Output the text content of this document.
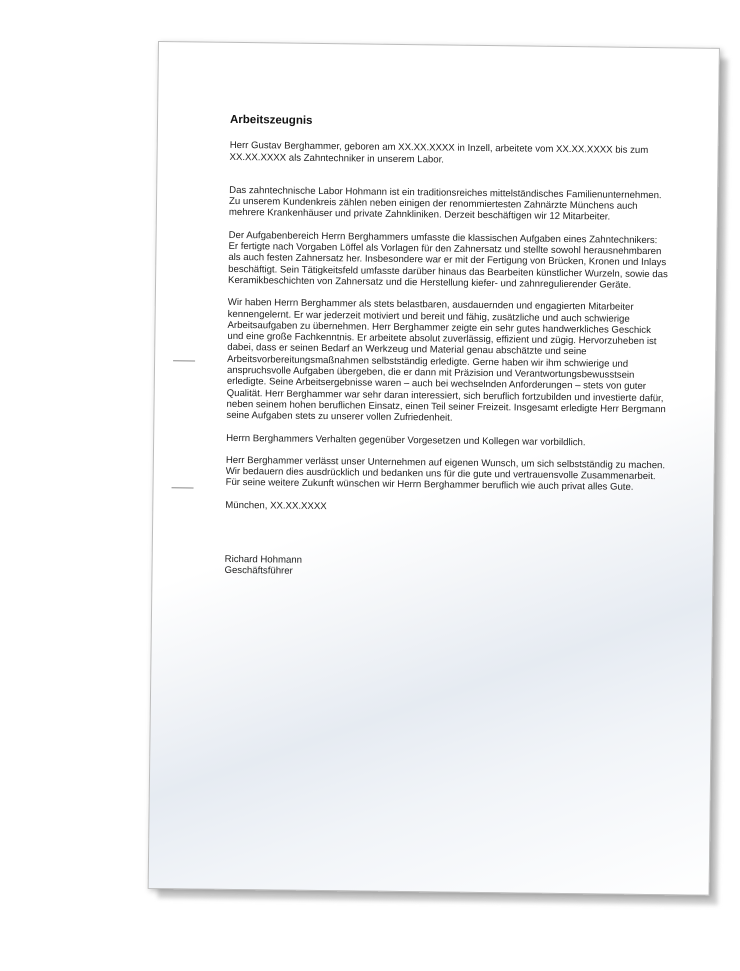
Arbeitszeugnis

Herr Gustav Berghammer, geboren am XX.XX.XXXX in Inzell, arbeitete vom XX.XX.XXXX bis zum XX.XX.XXXX als Zahntechniker in unserem Labor.

Das zahntechnische Labor Hohmann ist ein traditionsreiches mittelständisches Familienunternehmen. Zu unserem Kundenkreis zählen neben einigen der renommiertesten Zahnärzte Münchens auch mehrere Krankenhäuser und private Zahnkliniken. Derzeit beschäftigen wir 12 Mitarbeiter.

Der Aufgabenbereich Herrn Berghammers umfasste die klassischen Aufgaben eines Zahntechnikers: Er fertigte nach Vorgaben Löffel als Vorlagen für den Zahnersatz und stellte sowohl herausnehmbaren als auch festen Zahnersatz her. Insbesondere war er mit der Fertigung von Brücken, Kronen und Inlays beschäftigt. Sein Tätigkeitsfeld umfasste darüber hinaus das Bearbeiten künstlicher Wurzeln, sowie das Keramikbeschichten von Zahnersatz und die Herstellung kiefer- und zahnregulierender Geräte.

Wir haben Herrn Berghammer als stets belastbaren, ausdauernden und engagierten Mitarbeiter kennengelernt. Er war jederzeit motiviert und bereit und fähig, zusätzliche und auch schwierige Arbeitsaufgaben zu übernehmen. Herr Berghammer zeigte ein sehr gutes handwerkliches Geschick und eine große Fachkenntnis. Er arbeitete absolut zuverlässig, effizient und zügig. Hervorzuheben ist dabei, dass er seinen Bedarf an Werkzeug und Material genau abschätzte und seine Arbeitsvorbereitungsmaßnahmen selbstständig erledigte. Gerne haben wir ihm schwierige und anspruchsvolle Aufgaben übergeben, die er dann mit Präzision und Verantwortungsbewusstsein erledigte. Seine Arbeitsergebnisse waren – auch bei wechselnden Anforderungen – stets von guter Qualität. Herr Berghammer war sehr daran interessiert, sich beruflich fortzubilden und investierte dafür, neben seinem hohen beruflichen Einsatz, einen Teil seiner Freizeit. Insgesamt erledigte Herr Bergmann seine Aufgaben stets zu unserer vollen Zufriedenheit.

Herrn Berghammers Verhalten gegenüber Vorgesetzen und Kollegen war vorbildlich.

Herr Berghammer verlässt unser Unternehmen auf eigenen Wunsch, um sich selbstständig zu machen. Wir bedauern dies ausdrücklich und bedanken uns für die gute und vertrauensvolle Zusammenarbeit. Für seine weitere Zukunft wünschen wir Herrn Berghammer beruflich wie auch privat alles Gute.

München, XX.XX.XXXX

Richard Hohmann

Geschäftsführer
